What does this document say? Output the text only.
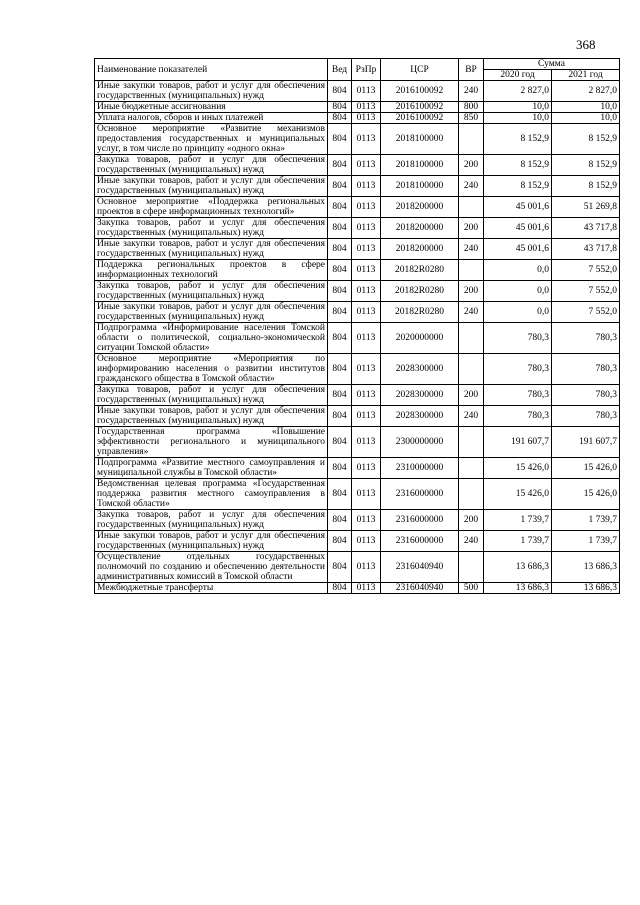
368
Наименование показателей	Вед	РзПр	ЦСР	ВР	Сумма	
					2020 год	2021 год
Иные закупки товаров, работ и услуг для обеспечения государственных (муниципальных) нужд	804	0113	2016100092	240	2 827,0	2 827,0
Иные бюджетные ассигнования	804	0113	2016100092	800	10,0	10,0
Уплата налогов, сборов и иных платежей	804	0113	2016100092	850	10,0	10,0
Основное мероприятие «Развитие механизмов предоставления государственных и муниципальных услуг, в том числе по принципу «одного окна»	804	0113	2018100000		8 152,9	8 152,9
Закупка товаров, работ и услуг для обеспечения государственных (муниципальных) нужд	804	0113	2018100000	200	8 152,9	8 152,9
Иные закупки товаров, работ и услуг для обеспечения государственных (муниципальных) нужд	804	0113	2018100000	240	8 152,9	8 152,9
Основное мероприятие «Поддержка региональных проектов в сфере информационных технологий»	804	0113	2018200000		45 001,6	51 269,8
Закупка товаров, работ и услуг для обеспечения государственных (муниципальных) нужд	804	0113	2018200000	200	45 001,6	43 717,8
Иные закупки товаров, работ и услуг для обеспечения государственных (муниципальных) нужд	804	0113	2018200000	240	45 001,6	43 717,8
Поддержка региональных проектов в сфере информационных технологий	804	0113	20182R0280		0,0	7 552,0
Закупка товаров, работ и услуг для обеспечения государственных (муниципальных) нужд	804	0113	20182R0280	200	0,0	7 552,0
Иные закупки товаров, работ и услуг для обеспечения государственных (муниципальных) нужд	804	0113	20182R0280	240	0,0	7 552,0
Подпрограмма «Информирование населения Томской области о политической, социально-экономической ситуации Томской области»	804	0113	2020000000		780,3	780,3
Основное мероприятие «Мероприятия по информированию населения о развитии институтов гражданского общества в Томской области»	804	0113	2028300000		780,3	780,3
Закупка товаров, работ и услуг для обеспечения государственных (муниципальных) нужд	804	0113	2028300000	200	780,3	780,3
Иные закупки товаров, работ и услуг для обеспечения государственных (муниципальных) нужд	804	0113	2028300000	240	780,3	780,3
Государственная программа «Повышение эффективности регионального и муниципального управления»	804	0113	2300000000		191 607,7	191 607,7
Подпрограмма «Развитие местного самоуправления и муниципальной службы в Томской области»	804	0113	2310000000		15 426,0	15 426,0
Ведомственная целевая программа «Государственная поддержка развития местного самоуправления в Томской области»	804	0113	2316000000		15 426,0	15 426,0
Закупка товаров, работ и услуг для обеспечения государственных (муниципальных) нужд	804	0113	2316000000	200	1 739,7	1 739,7
Иные закупки товаров, работ и услуг для обеспечения государственных (муниципальных) нужд	804	0113	2316000000	240	1 739,7	1 739,7
Осуществление отдельных государственных полномочий по созданию и обеспечению деятельности административных комиссий в Томской области	804	0113	2316040940		13 686,3	13 686,3
Межбюджетные трансферты	804	0113	2316040940	500	13 686,3	13 686,3
